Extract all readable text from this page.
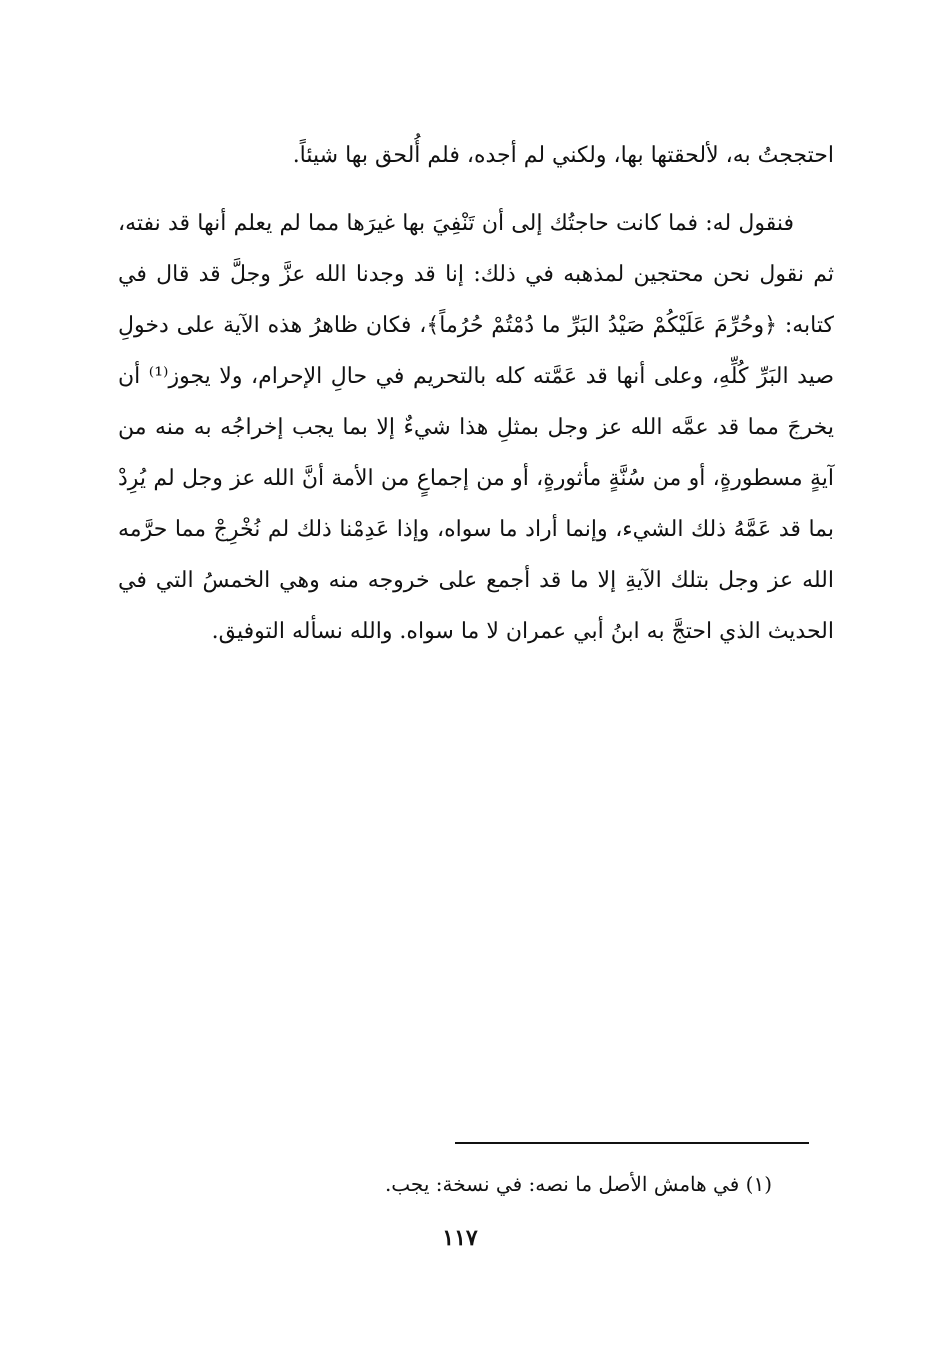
احتججتُ به، لألحقتها بها، ولكني لم أجده، فلم أُلحق بها شيئاً.

فنقول له: فما كانت حاجتُك إلى أن تَنْفِيَ بها غيرَها مما لم يعلم أنها قد نفته، ثم نقول نحن محتجين لمذهبه في ذلك: إنا قد وجدنا الله عزَّ وجلَّ قد قال في كتابه: ﴿وحُرِّمَ عَلَيْكُمْ صَيْدُ البَرِّ ما دُمْتُمْ حُرُماً﴾، فكان ظاهرُ هذه الآية على دخولِ صيد البَرِّ كُلِّهِ، وعلى أنها قد عَمَّته كله بالتحريم في حالِ الإحرام، ولا يجوز⁽¹⁾ أن يخرجَ مما قد عمَّه الله عز وجل بمثلِ هذا شيءٌ إلا بما يجب إخراجُه به منه من آيةٍ مسطورةٍ، أو من سُنَّةٍ مأثورةٍ، أو من إجماعٍ من الأمة أنَّ الله عز وجل لم يُرِدْ بما قد عَمَّهُ ذلك الشيء، وإنما أراد ما سواه، وإذا عَدِمْنا ذلك لم نُخْرِجْ مما حرَّمه الله عز وجل بتلك الآيةِ إلا ما قد أجمع على خروجه منه وهي الخمسُ التي في الحديث الذي احتجَّ به ابنُ أبي عمران لا ما سواه. والله نسأله التوفيق.

(١) في هامش الأصل ما نصه: في نسخة: يجب.

١١٧
